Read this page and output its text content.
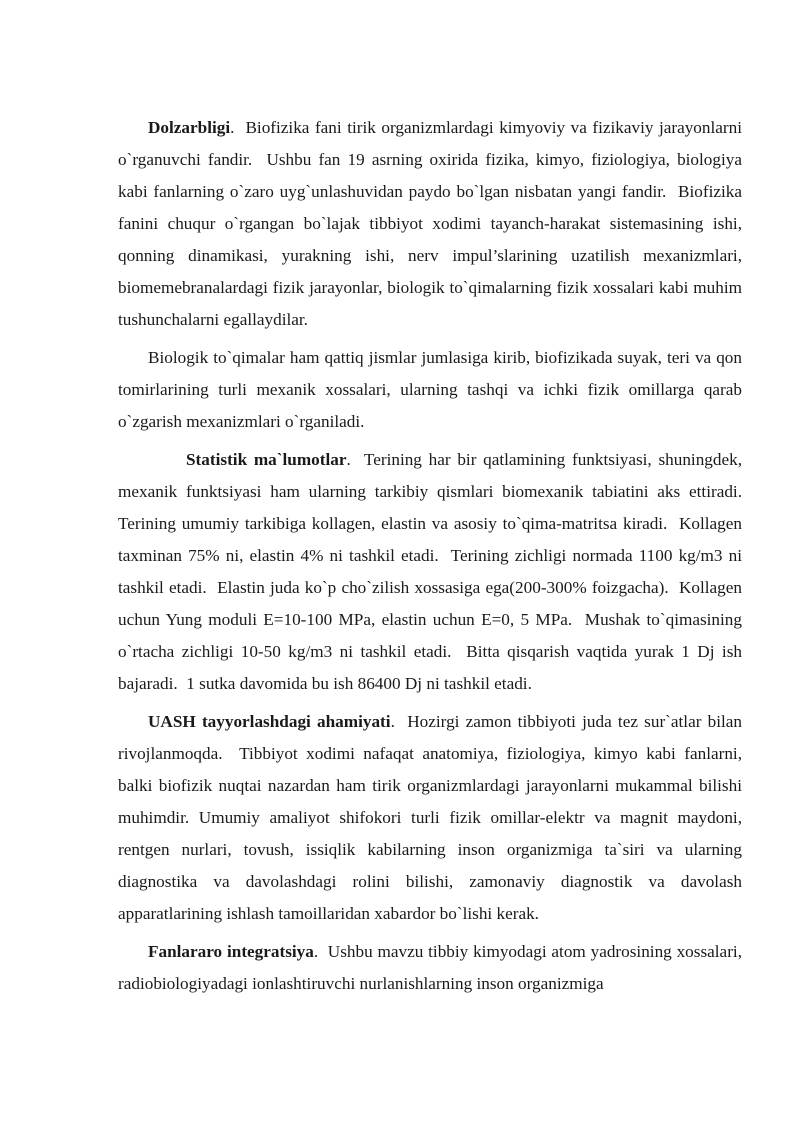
Dolzarbligi.  Biofizika fani tirik organizmlardagi kimyoviy va fizikaviy jarayonlarni o`rganuvchi fandir.  Ushbu fan 19 asrning oxirida fizika, kimyo, fiziologiya, biologiya kabi fanlarning o`zaro uyg`unlashuvidan paydo bo`lgan nisbatan yangi fandir.  Biofizika fanini chuqur o`rgangan bo`lajak tibbiyot xodimi tayanch-harakat sistemasining ishi, qonning dinamikasi, yurakning ishi, nerv impul’slarining uzatilish mexanizmlari, biomemebranalardagi fizik jarayonlar, biologik to`qimalarning fizik xossalari kabi muhim tushunchalarni egallaydilar.

Biologik to`qimalar ham qattiq jismlar jumlasiga kirib, biofizikada suyak, teri va qon tomirlarining turli mexanik xossalari, ularning tashqi va ichki fizik omillarga qarab o`zgarish mexanizmlari o`rganiladi.

Statistik ma`lumotlar.  Terining har bir qatlamining funktsiyasi, shuningdek, mexanik funktsiyasi ham ularning tarkibiy qismlari biomexanik tabiatini aks ettiradi.  Terining umumiy tarkibiga kollagen, elastin va asosiy to`qima-matritsa kiradi.  Kollagen taxminan 75% ni, elastin 4% ni tashkil etadi.  Terining zichligi normada 1100 kg/m3 ni tashkil etadi.  Elastin juda ko`p cho`zilish xossasiga ega(200-300% foizgacha).  Kollagen uchun Yung moduli E=10-100 MPa, elastin uchun E=0, 5 MPa.  Mushak to`qimasining o`rtacha zichligi 10-50 kg/m3 ni tashkil etadi.  Bitta qisqarish vaqtida yurak 1 Dj ish bajaradi.  1 sutka davomida bu ish 86400 Dj ni tashkil etadi.

UASH tayyorlashdagi ahamiyati.  Hozirgi zamon tibbiyoti juda tez sur`atlar bilan rivojlanmoqda.  Tibbiyot xodimi nafaqat anatomiya, fiziologiya, kimyo kabi fanlarni, balki biofizik nuqtai nazardan ham tirik organizmlardagi jarayonlarni mukammal bilishi muhimdir. Umumiy amaliyot shifokori turli fizik omillar-elektr va magnit maydoni, rentgen nurlari, tovush, issiqlik kabilarning inson organizmiga ta`siri va ularning diagnostika va davolashdagi rolini bilishi, zamonaviy diagnostik va davolash apparatlarining ishlash tamoillaridan xabardor bo`lishi kerak.

Fanlararo integratsiya.  Ushbu mavzu tibbiy kimyodagi atom yadrosining xossalari, radiobiologiyadagi ionlashtiruvchi nurlanishlarning inson organizmiga
